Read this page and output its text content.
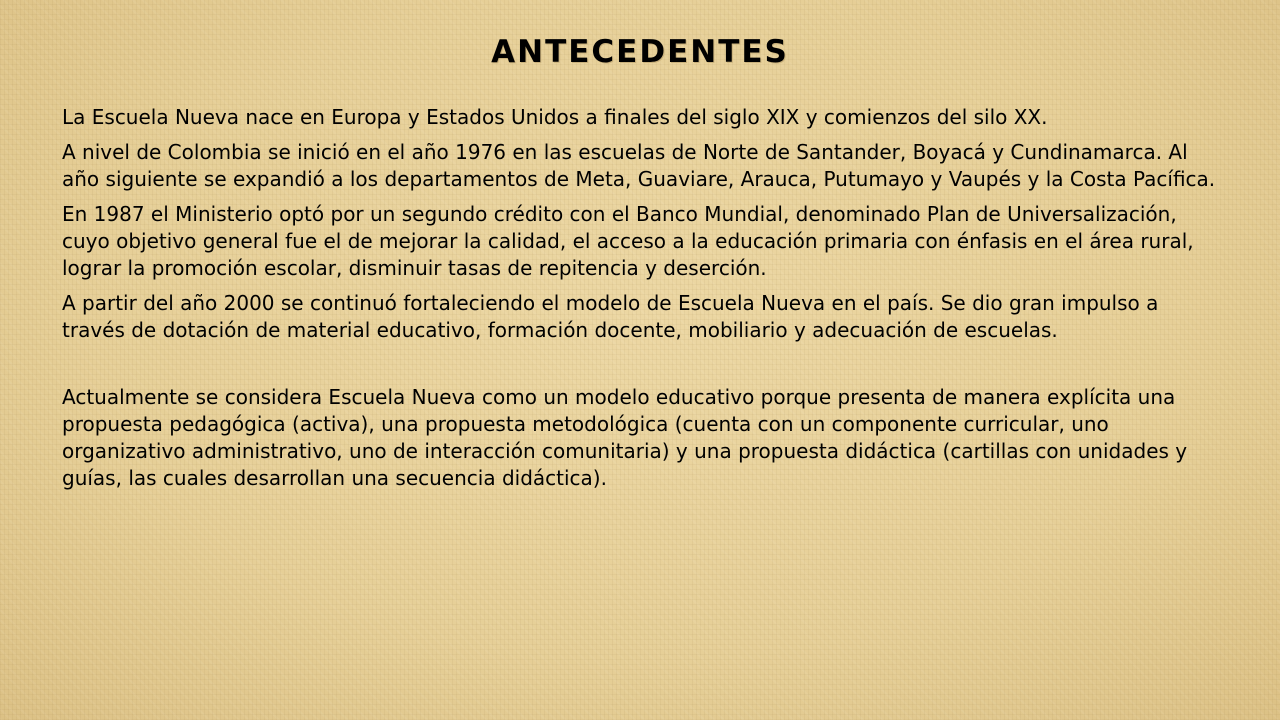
antecedentes

La Escuela Nueva nace en Europa y Estados Unidos a finales del siglo XIX y comienzos del silo XX.

A nivel de Colombia se inició en el año 1976 en las escuelas de Norte de Santander, Boyacá y Cundinamarca. Al año siguiente se expandió a los departamentos de Meta, Guaviare, Arauca, Putumayo y Vaupés y la Costa Pacífica.

En 1987 el Ministerio optó por un segundo crédito con el Banco Mundial, denominado Plan de Universalización, cuyo objetivo general fue el de mejorar la calidad, el acceso a la educación primaria con énfasis en el área rural, lograr la promoción escolar, disminuir tasas de repitencia y deserción.

A partir del año 2000 se continuó fortaleciendo el modelo de Escuela Nueva en el país. Se dio gran impulso a través de dotación de material educativo, formación docente, mobiliario y adecuación de escuelas.

Actualmente se considera Escuela Nueva como un modelo educativo porque presenta de manera explícita una propuesta pedagógica (activa), una propuesta metodológica (cuenta con un componente curricular, uno organizativo administrativo, uno de interacción comunitaria) y una propuesta didáctica (cartillas con unidades y guías, las cuales desarrollan una secuencia didáctica).
